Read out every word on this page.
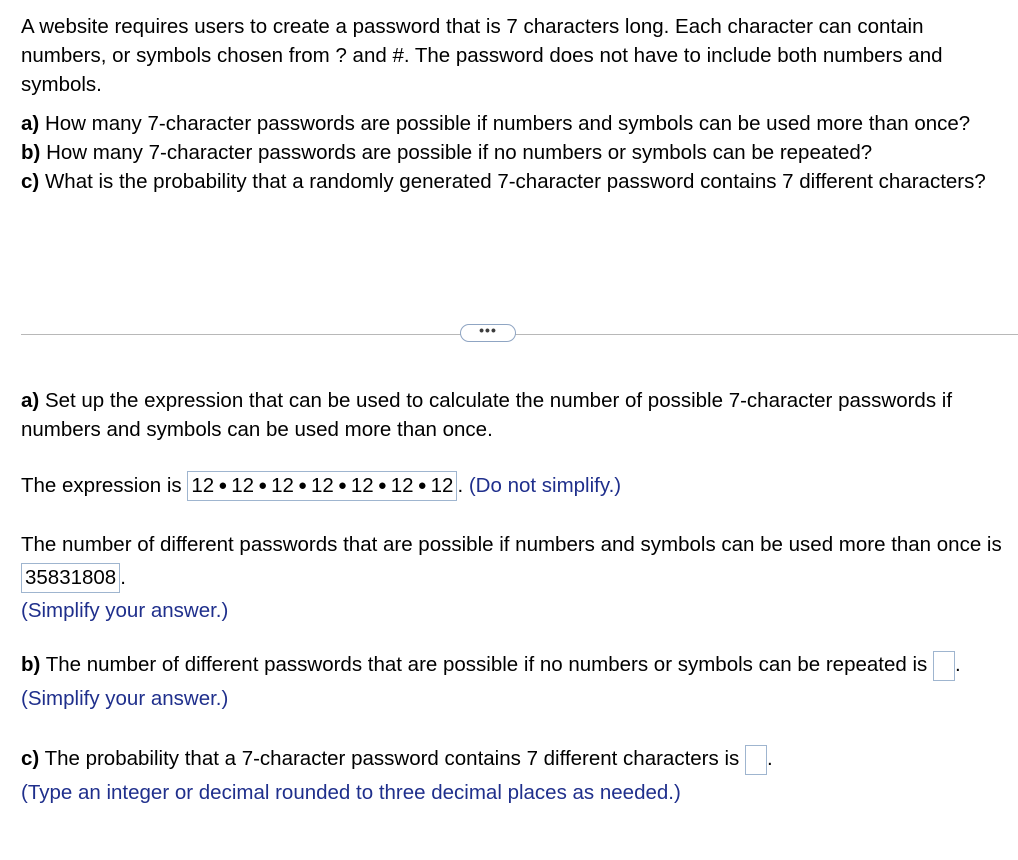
A website requires users to create a password that is 7 characters long. Each character can contain numbers, or symbols chosen from ? and #. The password does not have to include both numbers and symbols.

a) How many 7-character passwords are possible if numbers and symbols can be used more than once?

b) How many 7-character passwords are possible if no numbers or symbols can be repeated?

c) What is the probability that a randomly generated 7-character password contains 7 different characters?

•••
a) Set up the expression that can be used to calculate the number of possible 7-character passwords if numbers and symbols can be used more than once.
The expression is 12 ● 12 ● 12 ● 12 ● 12 ● 12 ● 12 . (Do not simplify.)
The number of different passwords that are possible if numbers and symbols can be used more than once is 35831808 .
(Simplify your answer.)
b) The number of different passwords that are possible if no numbers or symbols can be repeated is . (Simplify your answer.)
c) The probability that a 7-character password contains 7 different characters is .
(Type an integer or decimal rounded to three decimal places as needed.)
